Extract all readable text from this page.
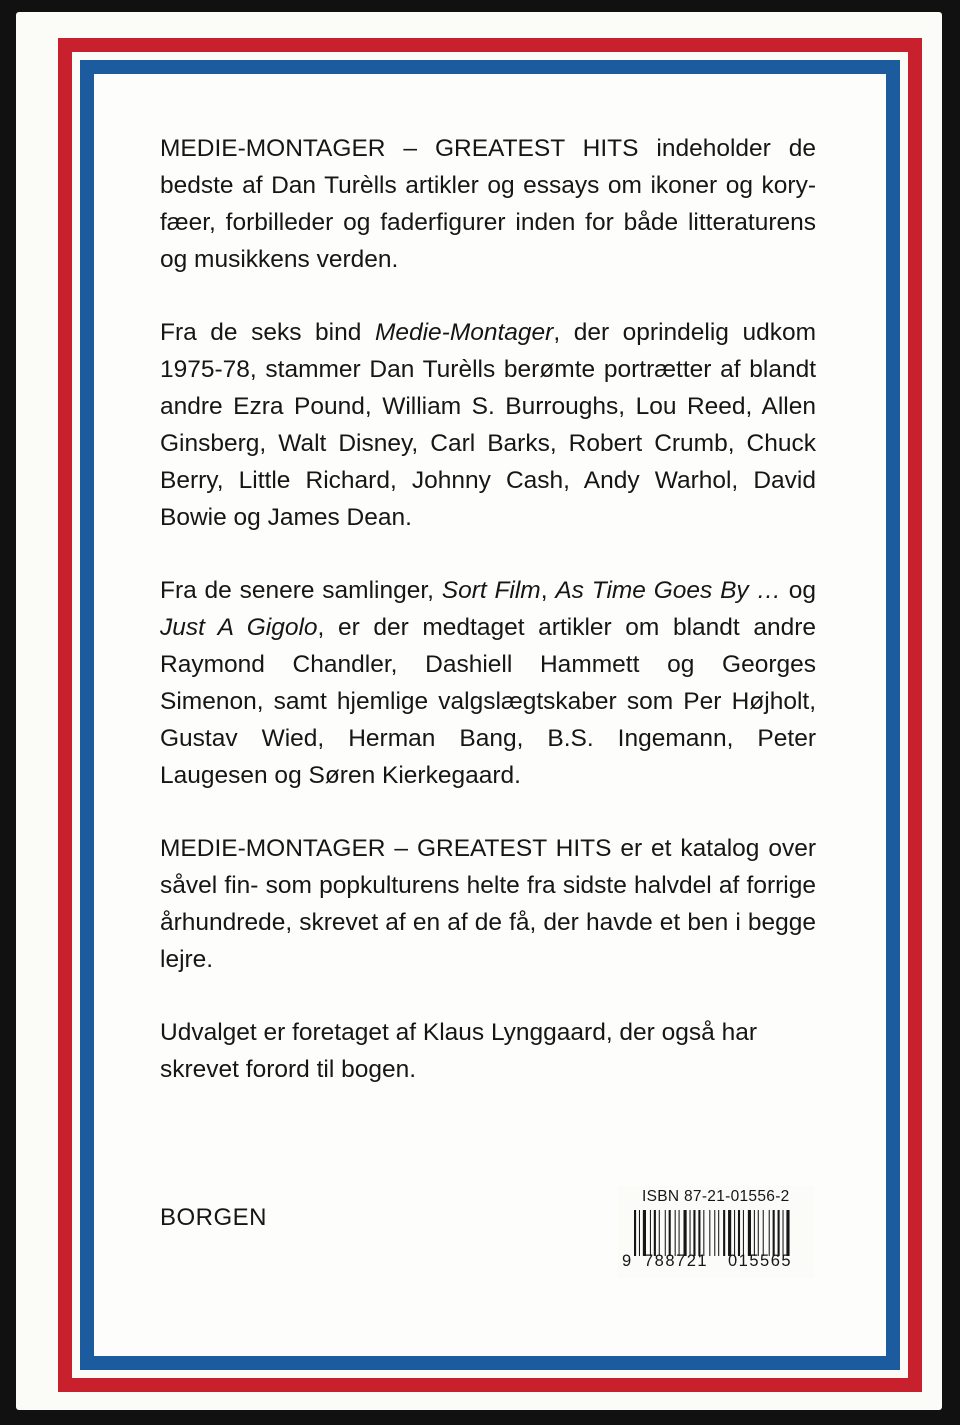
MEDIE-MONTAGER – GREATEST HITS indeholder de bedste af Dan Turèlls artikler og essays om ikoner og koryfæer, forbilleder og faderfigurer inden for både litteraturens og musikkens verden.

Fra de seks bind Medie-Montager, der oprindelig udkom 1975-78, stammer Dan Turèlls berømte portrætter af blandt andre Ezra Pound, William S. Burroughs, Lou Reed, Allen Ginsberg, Walt Disney, Carl Barks, Robert Crumb, Chuck Berry, Little Richard, Johnny Cash, Andy Warhol, David Bowie og James Dean.

Fra de senere samlinger, Sort Film, As Time Goes By … og Just A Gigolo, er der medtaget artikler om blandt andre Raymond Chandler, Dashiell Hammett og Georges Simenon, samt hjemlige valgslægtskaber som Per Højholt, Gustav Wied, Herman Bang, B.S. Ingemann, Peter Laugesen og Søren Kierkegaard.

MEDIE-MONTAGER – GREATEST HITS er et katalog over såvel fin- som popkulturens helte fra sidste halvdel af forrige århundrede, skrevet af en af de få, der havde et ben i begge lejre.

Udvalget er foretaget af Klaus Lynggaard, der også har skrevet forord til bogen.

BORGEN
ISBN 87-21-01556-2
9 788721 015565
